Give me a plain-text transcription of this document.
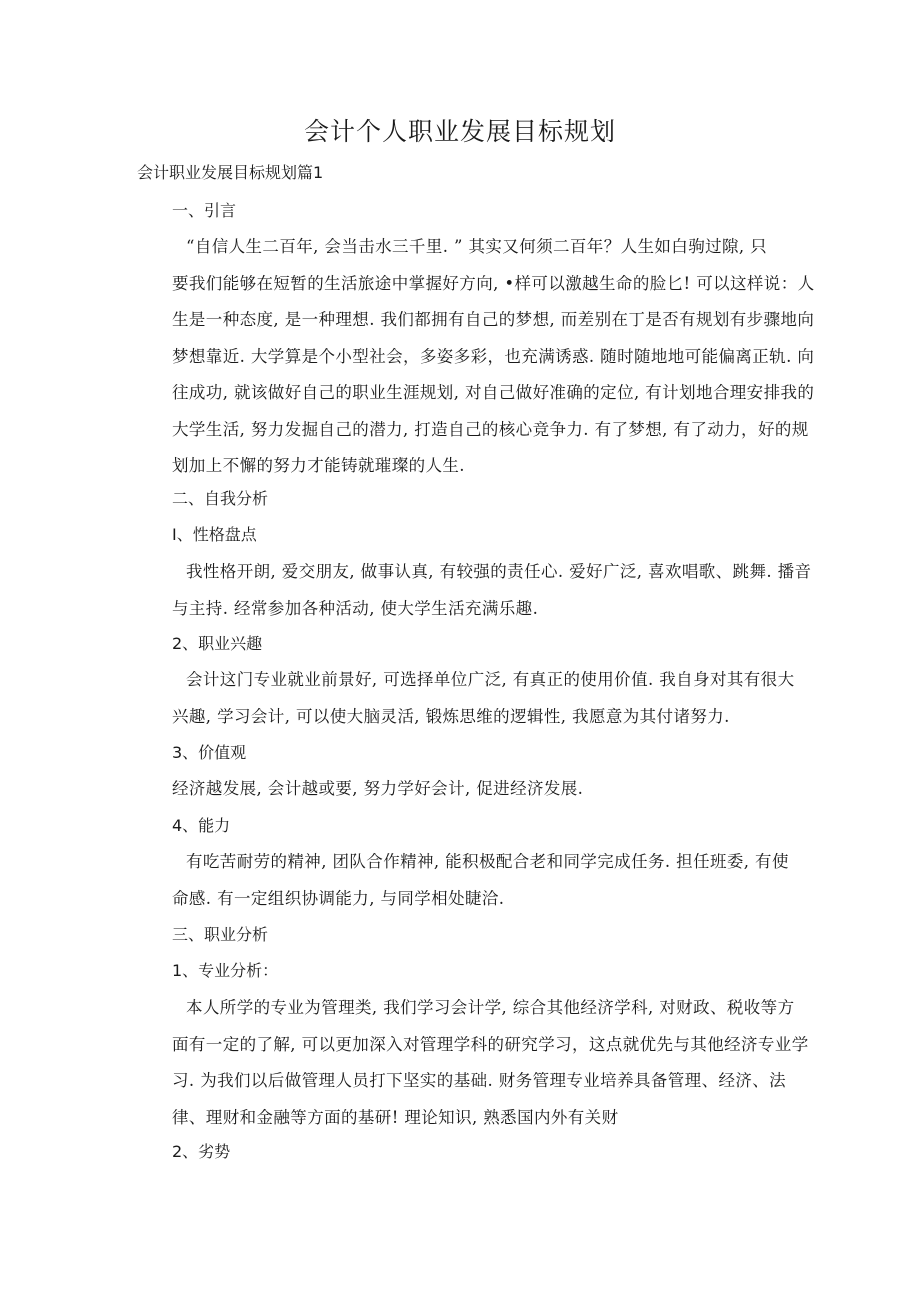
会计个人职业发展目标规划

会计职业发展目标规划篇1

一、引言

“自信人生二百年, 会当击水三千里. ” 其实又何须二百年？人生如白驹过隙, 只
要我们能够在短暂的生活旅途中掌握好方向, •样可以激越生命的脸匕! 可以这样说：人
生是一种态度, 是一种理想. 我们都拥有自己的梦想, 而差别在丁是否有规划有步骤地向
梦想靠近. 大学算是个小型社会，多姿多彩，也充满诱惑. 随时随地地可能偏离正轨. 向
往成功, 就该做好自己的职业生涯规划, 对自己做好准确的定位, 有计划地合理安排我的
大学生活, 努力发掘自己的潜力, 打造自己的核心竞争力. 有了梦想, 有了动力，好的规
划加上不懈的努力才能铸就璀璨的人生.

二、自我分析
I、性格盘点

我性格开朗, 爱交朋友, 做事认真, 有较强的责任心. 爱好广泛, 喜欢唱歌、跳舞. 播音
与主持. 经常参加各种活动, 使大学生活充满乐趣.

2、职业兴趣

会计这门专业就业前景好, 可选择单位广泛, 有真正的使用价值. 我自身对其有很大
兴趣, 学习会计, 可以使大脑灵活, 锻炼思维的逻辑性, 我愿意为其付诸努力.

3、价值观

经济越发展, 会计越或要, 努力学好会计, 促进经济发展.

4、能力

有吃苦耐劳的精神, 团队合作精神, 能积极配合老和同学完成任务. 担任班委, 有使
命感. 有一定组织协调能力, 与同学相处睫洽.

三、职业分析
1、专业分析：

本人所学的专业为管理类, 我们学习会计学, 综合其他经济学科, 对财政、税收等方
面有一定的了解, 可以更加深入对管理学科的研究学习，这点就优先与其他经济专业学
习. 为我们以后做管理人员打下坚实的基础. 财务管理专业培养具备管理、经济、法
律、理财和金融等方面的基研! 理论知识, 熟悉国内外有关财

2、劣势
